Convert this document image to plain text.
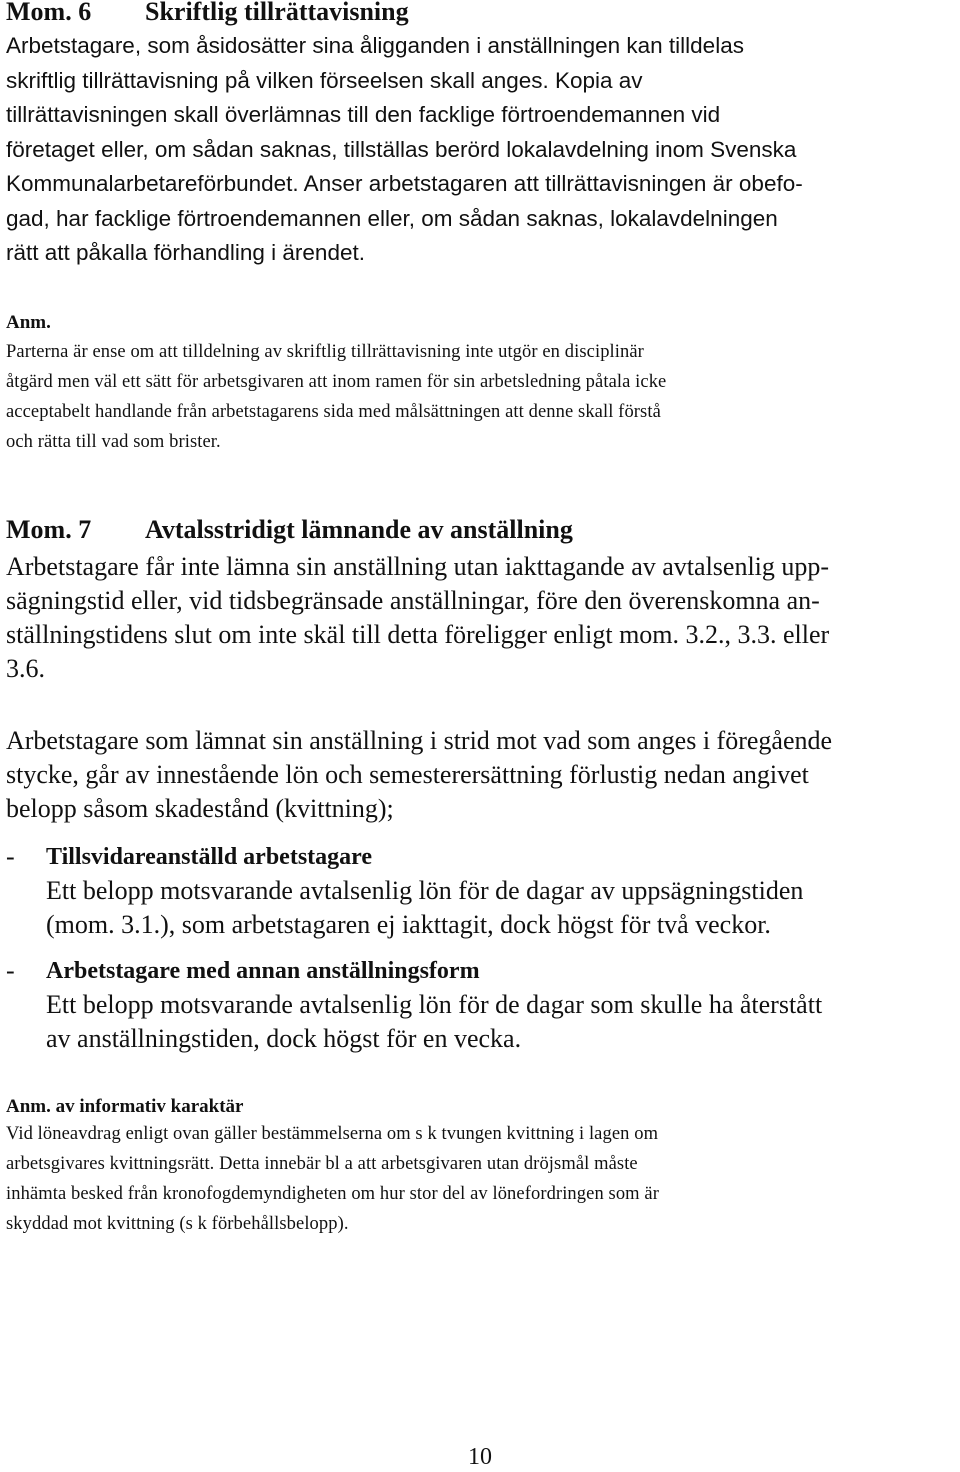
Mom. 6 Skriftlig tillrättavisning

Arbetstagare, som åsidosätter sina åligganden i anställningen kan tilldelas
skriftlig tillrättavisning på vilken förseelsen skall anges. Kopia av
tillrättavisningen skall överlämnas till den facklige förtroendemannen vid
företaget eller, om sådan saknas, tillställas berörd lokalavdelning inom Svenska
Kommunalarbetareförbundet. Anser arbetstagaren att tillrättavisningen är obefo-
gad, har facklige förtroendemannen eller, om sådan saknas, lokalavdelningen
rätt att påkalla förhandling i ärendet.

Anm.

Parterna är ense om att tilldelning av skriftlig tillrättavisning inte utgör en disciplinär
åtgärd men väl ett sätt för arbetsgivaren att inom ramen för sin arbetsledning påtala icke
acceptabelt handlande från arbetstagarens sida med målsättningen att denne skall förstå
och rätta till vad som brister.

Mom. 7 Avtalsstridigt lämnande av anställning

Arbetstagare får inte lämna sin anställning utan iakttagande av avtalsenlig upp-
sägningstid eller, vid tidsbegränsade anställningar, före den överenskomna an-
ställningstidens slut om inte skäl till detta föreligger enligt mom. 3.2., 3.3. eller
3.6.

Arbetstagare som lämnat sin anställning i strid mot vad som anges i föregående
stycke, går av innestående lön och semesterersättning förlustig nedan angivet
belopp såsom skadestånd (kvittning);

- Tillsvidareanställd arbetstagare

Ett belopp motsvarande avtalsenlig lön för de dagar av uppsägningstiden
(mom. 3.1.), som arbetstagaren ej iakttagit, dock högst för två veckor.

- Arbetstagare med annan anställningsform

Ett belopp motsvarande avtalsenlig lön för de dagar som skulle ha återstått
av anställningstiden, dock högst för en vecka.

Anm. av informativ karaktär

Vid löneavdrag enligt ovan gäller bestämmelserna om s k tvungen kvittning i lagen om
arbetsgivares kvittningsrätt. Detta innebär bl a att arbetsgivaren utan dröjsmål måste
inhämta besked från kronofogdemyndigheten om hur stor del av lönefordringen som är
skyddad mot kvittning (s k förbehållsbelopp).

10
